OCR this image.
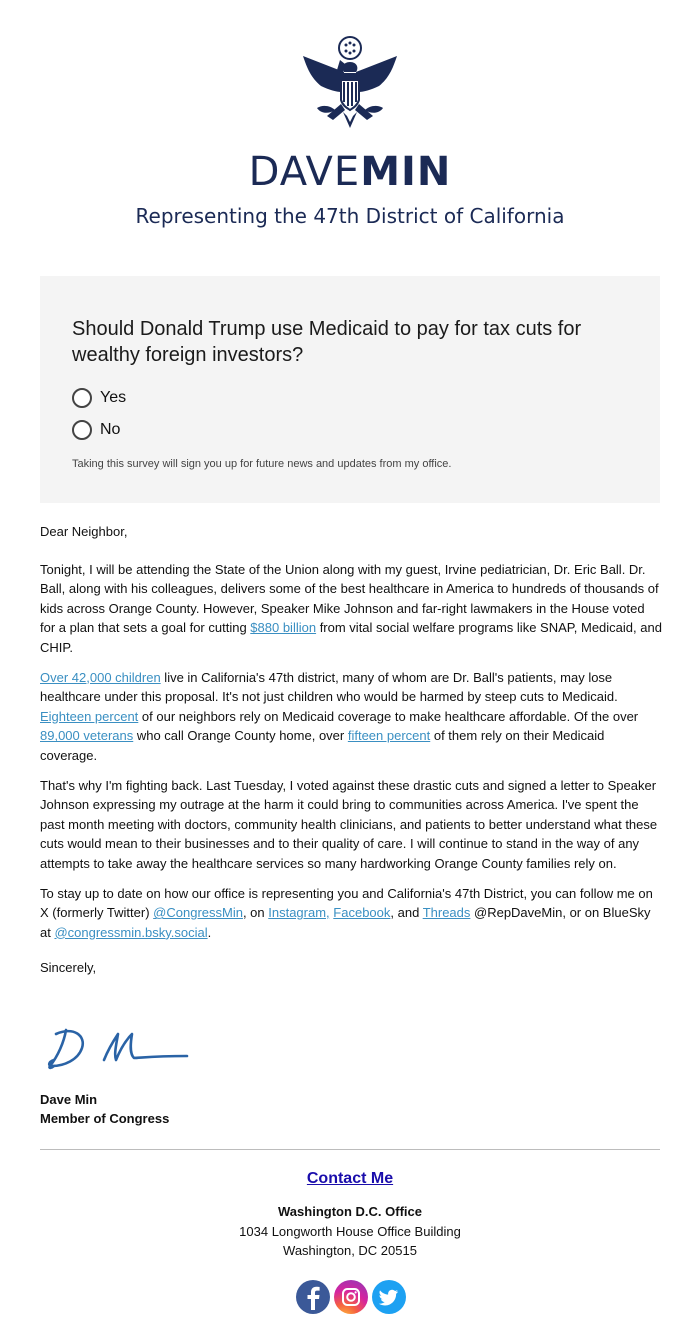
DAVEMIN
Representing the 47th District of California
Should Donald Trump use Medicaid to pay for tax cuts for wealthy foreign investors?
Yes
No
Taking this survey will sign you up for future news and updates from my office.

Dear Neighbor,

Tonight, I will be attending the State of the Union along with my guest, Irvine pediatrician, Dr. Eric Ball. Dr. Ball, along with his colleagues, delivers some of the best healthcare in America to hundreds of thousands of kids across Orange County. However, Speaker Mike Johnson and far-right lawmakers in the House voted for a plan that sets a goal for cutting $880 billion from vital social welfare programs like SNAP, Medicaid, and CHIP.

Over 42,000 children live in California's 47th district, many of whom are Dr. Ball's patients, may lose healthcare under this proposal. It's not just children who would be harmed by steep cuts to Medicaid. Eighteen percent of our neighbors rely on Medicaid coverage to make healthcare affordable. Of the over 89,000 veterans who call Orange County home, over fifteen percent of them rely on their Medicaid coverage.

That's why I'm fighting back. Last Tuesday, I voted against these drastic cuts and signed a letter to Speaker Johnson expressing my outrage at the harm it could bring to communities across America. I've spent the past month meeting with doctors, community health clinicians, and patients to better understand what these cuts would mean to their businesses and to their quality of care. I will continue to stand in the way of any attempts to take away the healthcare services so many hardworking Orange County families rely on.

To stay up to date on how our office is representing you and California's 47th District, you can follow me on X (formerly Twitter) @CongressMin, on Instagram, Facebook, and Threads @RepDaveMin, or on BlueSky at @congressmin.bsky.social.

Sincerely,

Dave Min
Member of Congress
Contact Me
Washington D.C. Office
1034 Longworth House Office Building
Washington, DC 20515
